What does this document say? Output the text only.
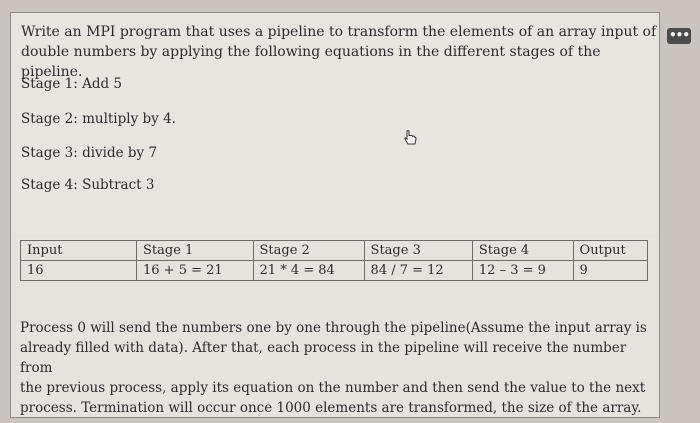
Write an MPI program that uses a pipeline to transform the elements of an array input of
double numbers by applying the following equations in the different stages of the pipeline.
Stage 1: Add 5
Stage 2: multiply by 4.
Stage 3: divide by 7
Stage 4: Subtract 3
•••
Input	Stage 1	Stage 2	Stage 3	Stage 4	Output
16	16 + 5 = 21	21 * 4 = 84	84 / 7 = 12	12 – 3 = 9	9
Process 0 will send the numbers one by one through the pipeline(Assume the input array is
already filled with data). After that, each process in the pipeline will receive the number from
the previous process, apply its equation on the number and then send the value to the next
process. Termination will occur once 1000 elements are transformed, the size of the array.
